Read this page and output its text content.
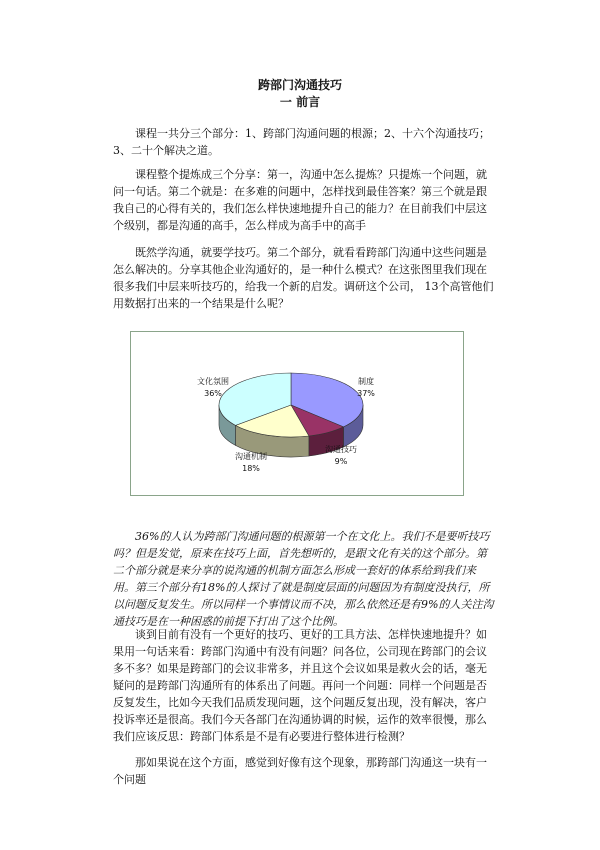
跨部门沟通技巧
一 前言

课程一共分三个部分：1、跨部门沟通问题的根源；2、十六个沟通技巧；3、二十个解决之道。

课程整个提炼成三个分享：第一，沟通中怎么提炼？只提炼一个问题，就问一句话。第二个就是：在多难的问题中，怎样找到最佳答案？第三个就是跟我自己的心得有关的，我们怎么样快速地提升自己的能力？在目前我们中层这个级别，都是沟通的高手，怎么样成为高手中的高手

既然学沟通，就要学技巧。第二个部分，就看看跨部门沟通中这些问题是怎么解决的。分享其他企业沟通好的，是一种什么模式？在这张图里我们现在很多我们中层来听技巧的，给我一个新的启发。调研这个公司， 13个高管他们用数据打出来的一个结果是什么呢？

制度
37%
沟通技巧
9%
沟通机制
18%
文化氛围
36%

36%的人认为跨部门沟通问题的根源第一个在文化上。我们不是要听技巧吗？但是发觉，原来在技巧上面，首先想听的，是跟文化有关的这个部分。第二个部分就是来分享的说沟通的机制方面怎么形成一套好的体系给到我们来用。第三个部分有18%的人探讨了就是制度层面的问题因为有制度没执行，所以问题反复发生。所以同样一个事情议而不决，那么依然还是有9%的人关注沟通技巧是在一种困惑的前提下打出了这个比例。

谈到目前有没有一个更好的技巧、更好的工具方法、怎样快速地提升？如果用一句话来看：跨部门沟通中有没有问题？问各位，公司现在跨部门的会议多不多？如果是跨部门的会议非常多，并且这个会议如果是救火会的话，毫无疑问的是跨部门沟通所有的体系出了问题。再问一个问题：同样一个问题是否反复发生，比如今天我们品质发现问题，这个问题反复出现，没有解决，客户投诉率还是很高。我们今天各部门在沟通协调的时候，运作的效率很慢，那么我们应该反思：跨部门体系是不是有必要进行整体进行检测？

那如果说在这个方面，感觉到好像有这个现象，那跨部门沟通这一块有一个问题
